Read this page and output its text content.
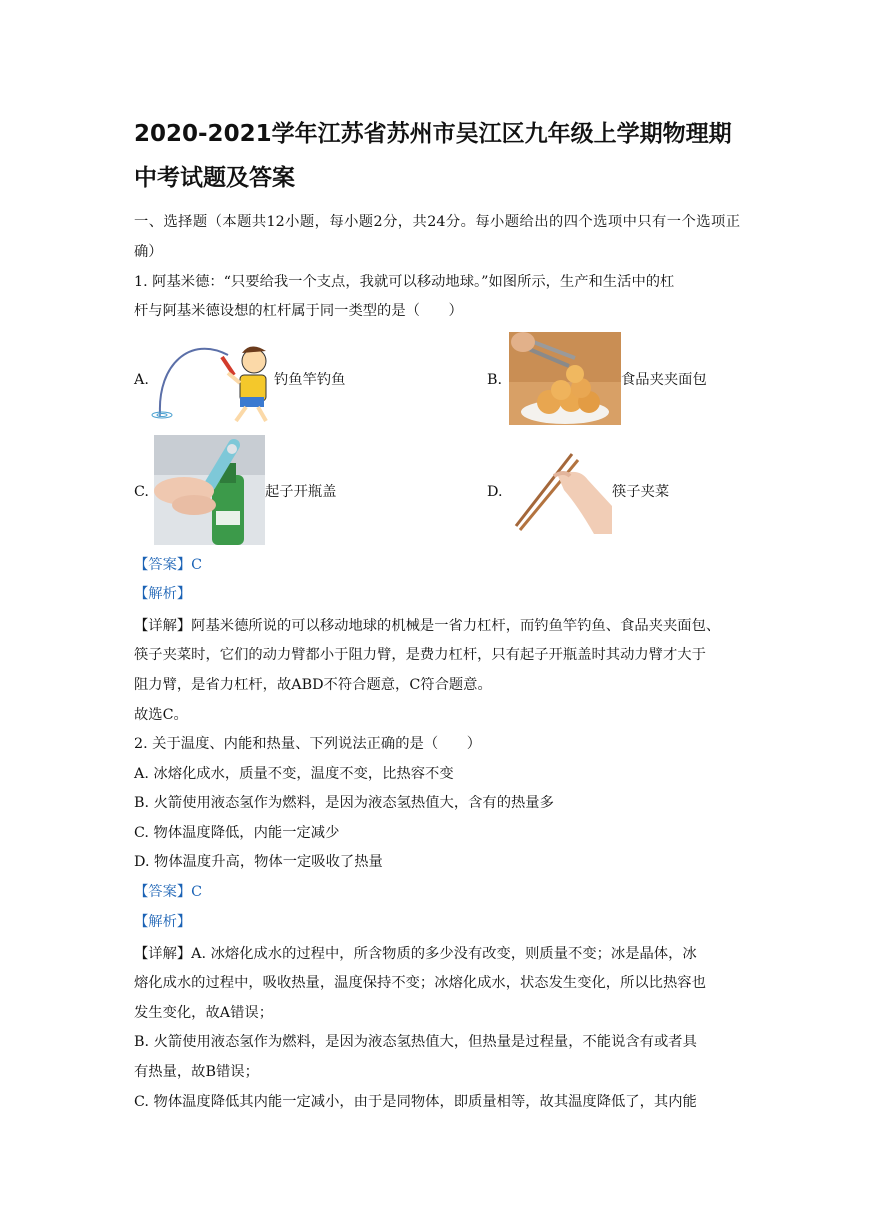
2020-2021学年江苏省苏州市吴江区九年级上学期物理期中考试题及答案
一、选择题（本题共12小题，每小题2分，共24分。每小题给出的四个选项中只有一个选项正确）
1. 阿基米德：“只要给我一个支点，我就可以移动地球。”如图所示，生产和生活中的杠
杆与阿基米德设想的杠杆属于同一类型的是（　　）
A.	钓鱼竿钓鱼	B.	食品夹夹面包
C.	起子开瓶盖	D.	筷子夹菜
【答案】C
【解析】
【详解】阿基米德所说的可以移动地球的机械是一省力杠杆，而钓鱼竿钓鱼、食品夹夹面包、
筷子夹菜时，它们的动力臂都小于阻力臂，是费力杠杆，只有起子开瓶盖时其动力臂才大于
阻力臂，是省力杠杆，故ABD不符合题意，C符合题意。
故选C。
2. 关于温度、内能和热量、下列说法正确的是（　　）
A. 冰熔化成水，质量不变，温度不变，比热容不变
B. 火箭使用液态氢作为燃料，是因为液态氢热值大，含有的热量多
C. 物体温度降低，内能一定减少
D. 物体温度升高，物体一定吸收了热量
【答案】C
【解析】
【详解】A. 冰熔化成水的过程中，所含物质的多少没有改变，则质量不变；冰是晶体，冰
熔化成水的过程中，吸收热量，温度保持不变；冰熔化成水，状态发生变化，所以比热容也
发生变化，故A错误；
B. 火箭使用液态氢作为燃料，是因为液态氢热值大，但热量是过程量，不能说含有或者具
有热量，故B错误；
C. 物体温度降低其内能一定减小，由于是同物体，即质量相等，故其温度降低了，其内能
